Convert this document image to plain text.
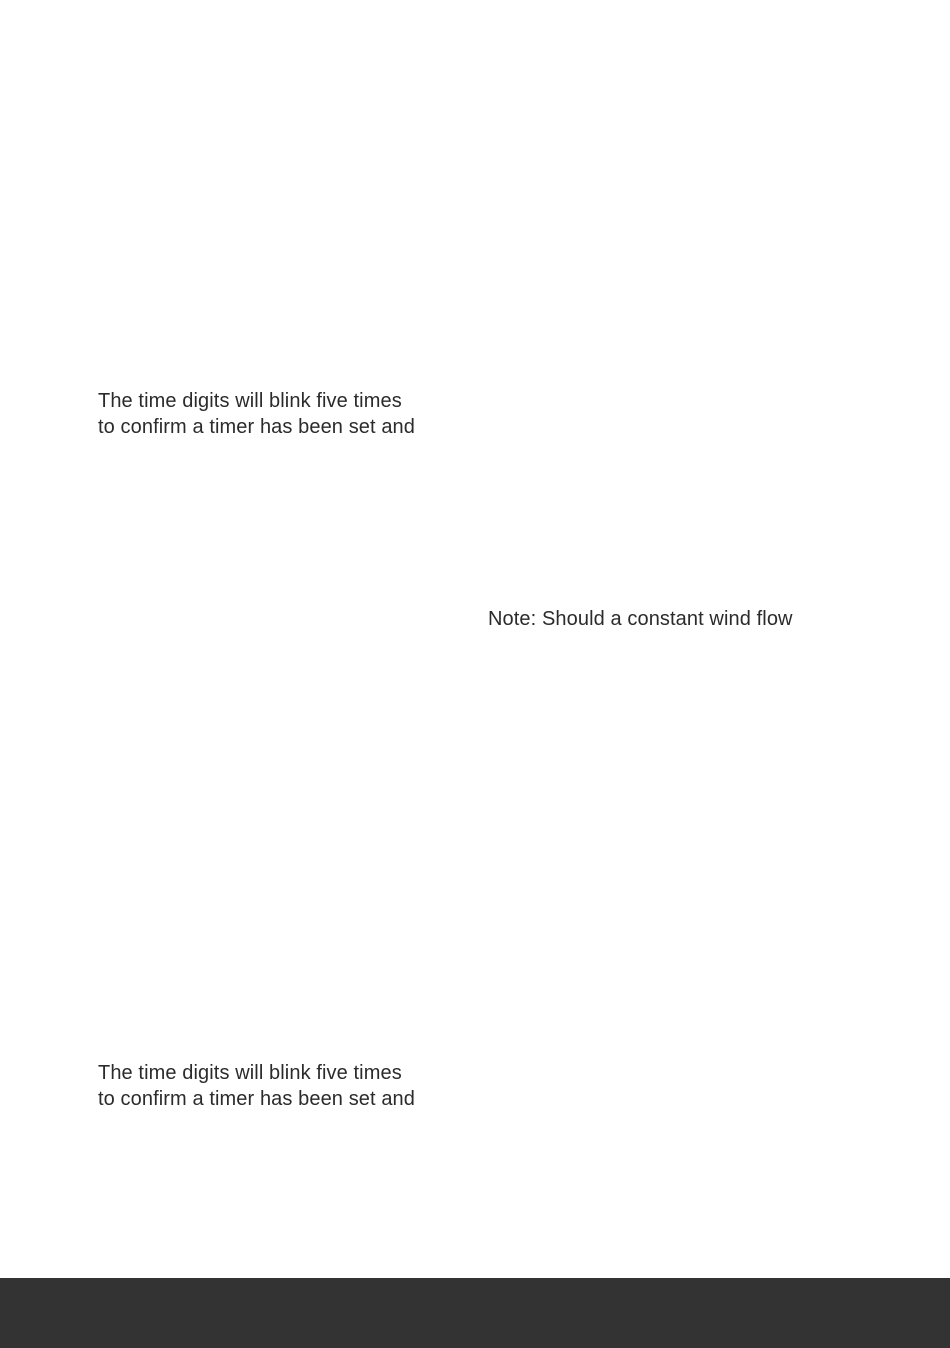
The time digits will blink five times
to confirm a timer has been set and
Note: Should a constant wind flow
The time digits will blink five times
to confirm a timer has been set and
